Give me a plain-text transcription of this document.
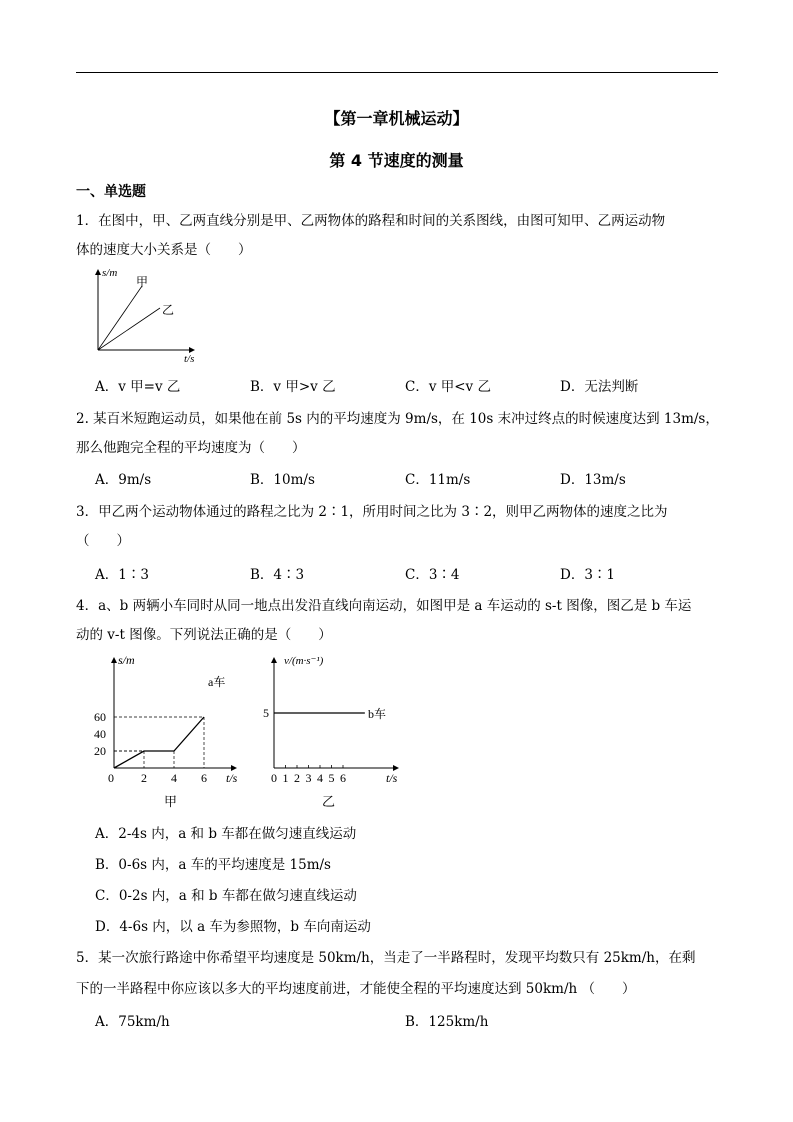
【第一章机械运动】
第 4 节速度的测量
一、单选题
1．在图中，甲、乙两直线分别是甲、乙两物体的路程和时间的关系图线，由图可知甲、乙两运动物
体的速度大小关系是（　　）
s/m
t/s
甲
乙
A．v 甲=v 乙	B．v 甲>v 乙	C．v 甲<v 乙	D．无法判断
2. 某百米短跑运动员，如果他在前 5s 内的平均速度为 9m/s，在 10s 末冲过终点的时候速度达到 13m/s，
那么他跑完全程的平均速度为（　　）
A．9m/s	B．10m/s	C．11m/s	D．13m/s
3．甲乙两个运动物体通过的路程之比为 2∶1，所用时间之比为 3∶2，则甲乙两物体的速度之比为
（　　）
A．1∶3	B．4∶3	C．3∶4	D．3∶1
4．a、b 两辆小车同时从同一地点出发沿直线向南运动，如图甲是 a 车运动的 s-t 图像，图乙是 b 车运
动的 v-t 图像。下列说法正确的是（　　）
20
40
60
2 4 6
s/m
t/s
a车
0
甲
5
0 1 2 3 4 5 6
v/(m·s⁻¹)
t/s
b车
乙
A．2-4s 内，a 和 b 车都在做匀速直线运动
B．0-6s 内，a 车的平均速度是 15m/s
C．0-2s 内，a 和 b 车都在做匀速直线运动
D．4-6s 内，以 a 车为参照物，b 车向南运动
5．某一次旅行路途中你希望平均速度是 50km/h，当走了一半路程时，发现平均数只有 25km/h，在剩
下的一半路程中你应该以多大的平均速度前进，才能使全程的平均速度达到 50km/h （　　）
A．75km/h	B．125km/h
